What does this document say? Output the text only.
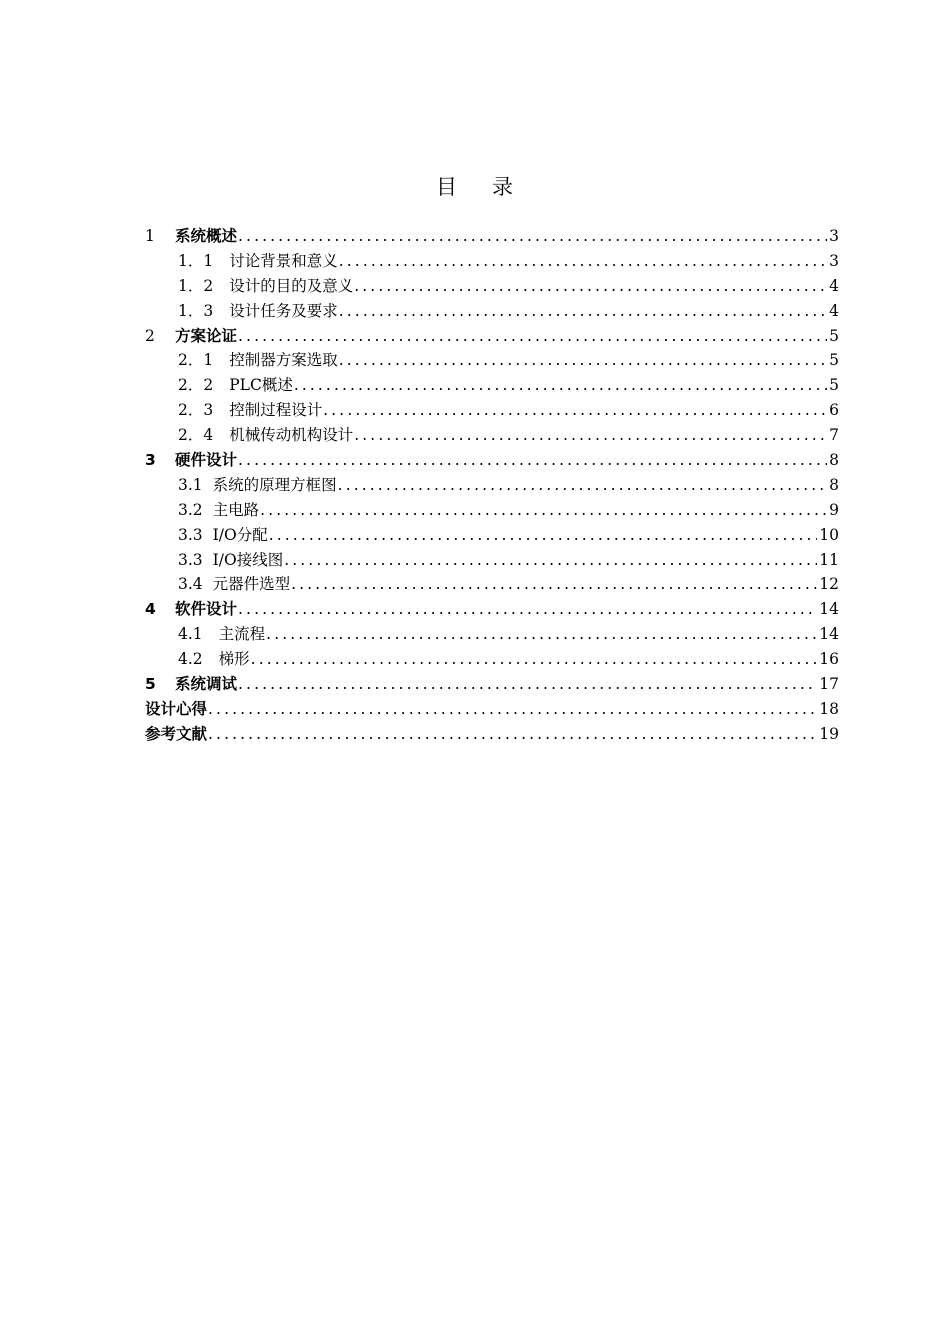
目 录
1	系统概述 .....	3
1．1 讨论背景和意义 .....	3
1．2 设计的目的及意义 .....	4
1．3 设计任务及要求 .....	4
2	方案论证 .....	5
2．1 控制器方案选取 .....	5
2．2 PLC概述 .....	5
2．3 控制过程设计 .....	6
2．4 机械传动机构设计 .....	7
3	硬件设计 .....	8
3.1 系统的原理方框图 .....	8
3.2 主电路 .....	9
3.3 I/O分配 .....	10
3.3 I/O接线图 .....	11
3.4 元器件选型 .....	12
4	软件设计 .....	14
4.1 主流程 .....	14
4.2 梯形 .....	16
5	系统调试 .....	17
设计心得 .....	18
参考文献 .....	19
